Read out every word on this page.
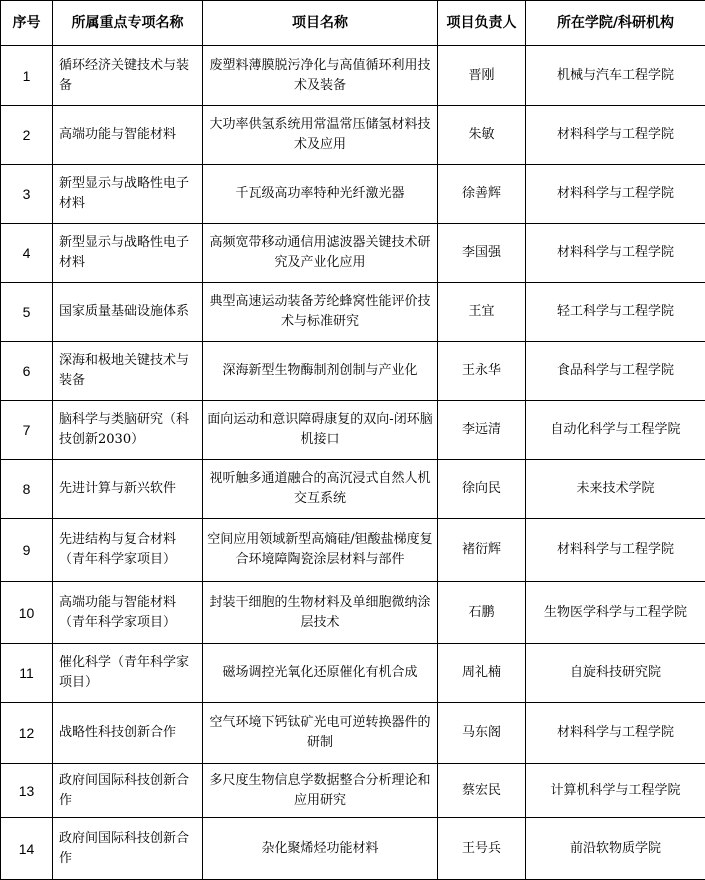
序号	所属重点专项名称	项目名称	项目负责人	所在学院/科研机构
1	循环经济关键技术与装备	废塑料薄膜脱污净化与高值循环利用技术及装备	晋刚	机械与汽车工程学院
2	高端功能与智能材料	大功率供氢系统用常温常压储氢材料技术及应用	朱敏	材料科学与工程学院
3	新型显示与战略性电子材料	千瓦级高功率特种光纤激光器	徐善辉	材料科学与工程学院
4	新型显示与战略性电子材料	高频宽带移动通信用滤波器关键技术研究及产业化应用	李国强	材料科学与工程学院
5	国家质量基础设施体系	典型高速运动装备芳纶蜂窝性能评价技术与标准研究	王宜	轻工科学与工程学院
6	深海和极地关键技术与装备	深海新型生物酶制剂创制与产业化	王永华	食品科学与工程学院
7	脑科学与类脑研究（科技创新2030）	面向运动和意识障碍康复的双向-闭环脑机接口	李远清	自动化科学与工程学院
8	先进计算与新兴软件	视听触多通道融合的高沉浸式自然人机交互系统	徐向民	未来技术学院
9	先进结构与复合材料（青年科学家项目）	空间应用领域新型高熵硅/钽酸盐梯度复合环境障陶瓷涂层材料与部件	褚衍辉	材料科学与工程学院
10	高端功能与智能材料（青年科学家项目）	封装干细胞的生物材料及单细胞微纳涂层技术	石鹏	生物医学科学与工程学院
11	催化科学（青年科学家项目）	磁场调控光氧化还原催化有机合成	周礼楠	自旋科技研究院
12	战略性科技创新合作	空气环境下钙钛矿光电可逆转换器件的研制	马东阁	材料科学与工程学院
13	政府间国际科技创新合作	多尺度生物信息学数据整合分析理论和应用研究	蔡宏民	计算机科学与工程学院
14	政府间国际科技创新合作	杂化聚烯烃功能材料	王号兵	前沿软物质学院
